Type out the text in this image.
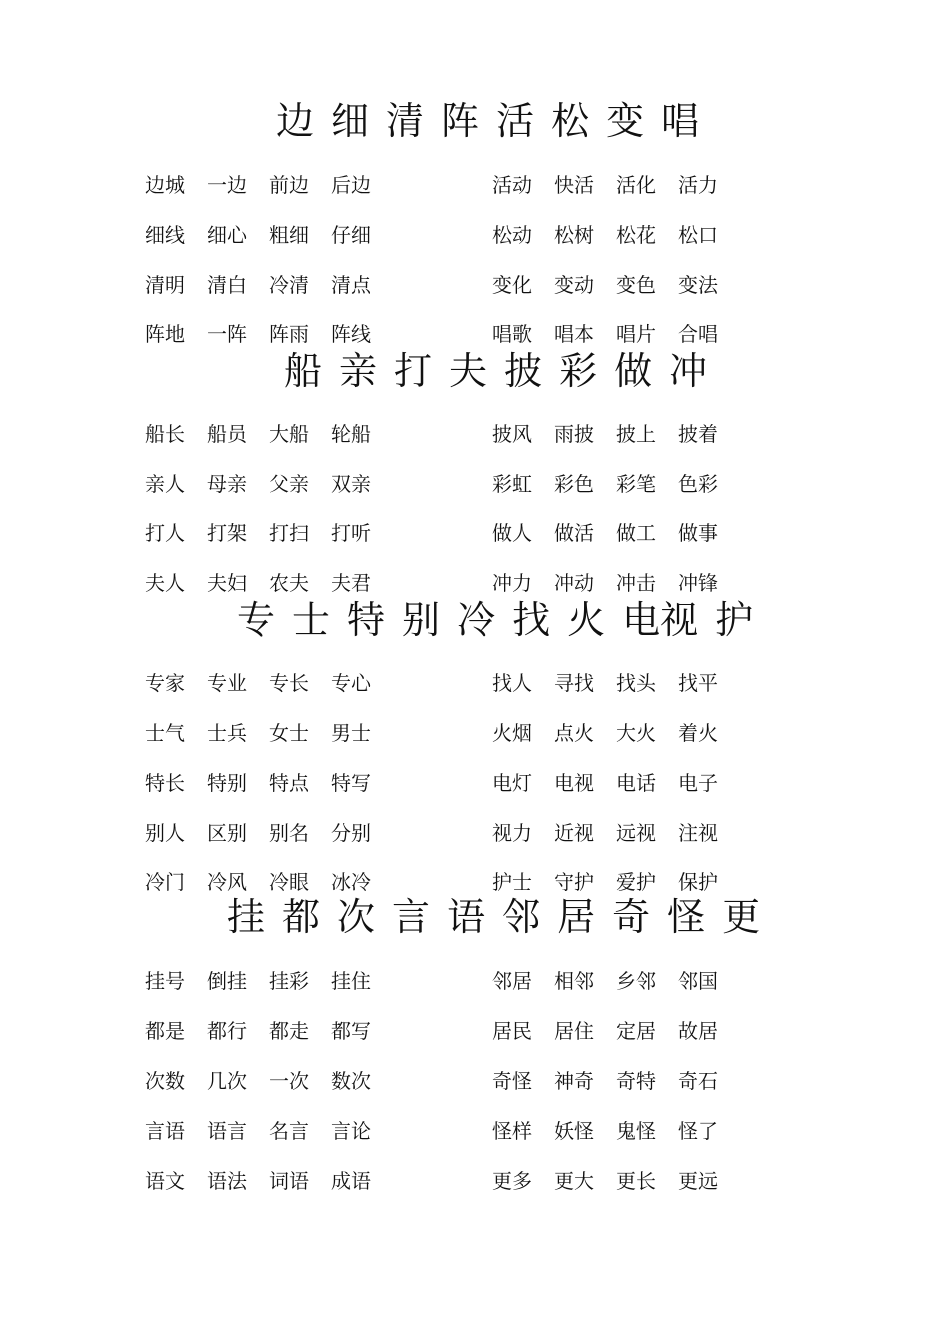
边 细 清 阵 活 松 变 唱
边城 一边 前边 后边
细线 细心 粗细 仔细
清明 清白 冷清 清点
阵地 一阵 阵雨 阵线
活动 快活 活化 活力
松动 松树 松花 松口
变化 变动 变色 变法
唱歌 唱本 唱片 合唱
船 亲 打 夫 披 彩 做 冲
船长 船员 大船 轮船
亲人 母亲 父亲 双亲
打人 打架 打扫 打听
夫人 夫妇 农夫 夫君
披风 雨披 披上 披着
彩虹 彩色 彩笔 色彩
做人 做活 做工 做事
冲力 冲动 冲击 冲锋
专 士 特 别 冷 找 火 电视 护
专家 专业 专长 专心
士气 士兵 女士 男士
特长 特别 特点 特写
别人 区别 别名 分别
冷门 冷风 冷眼 冰冷
找人 寻找 找头 找平
火烟 点火 大火 着火
电灯 电视 电话 电子
视力 近视 远视 注视
护士 守护 爱护 保护
挂 都 次 言 语 邻 居 奇 怪 更
挂号 倒挂 挂彩 挂住
都是 都行 都走 都写
次数 几次 一次 数次
言语 语言 名言 言论
语文 语法 词语 成语
邻居 相邻 乡邻 邻国
居民 居住 定居 故居
奇怪 神奇 奇特 奇石
怪样 妖怪 鬼怪 怪了
更多 更大 更长 更远
